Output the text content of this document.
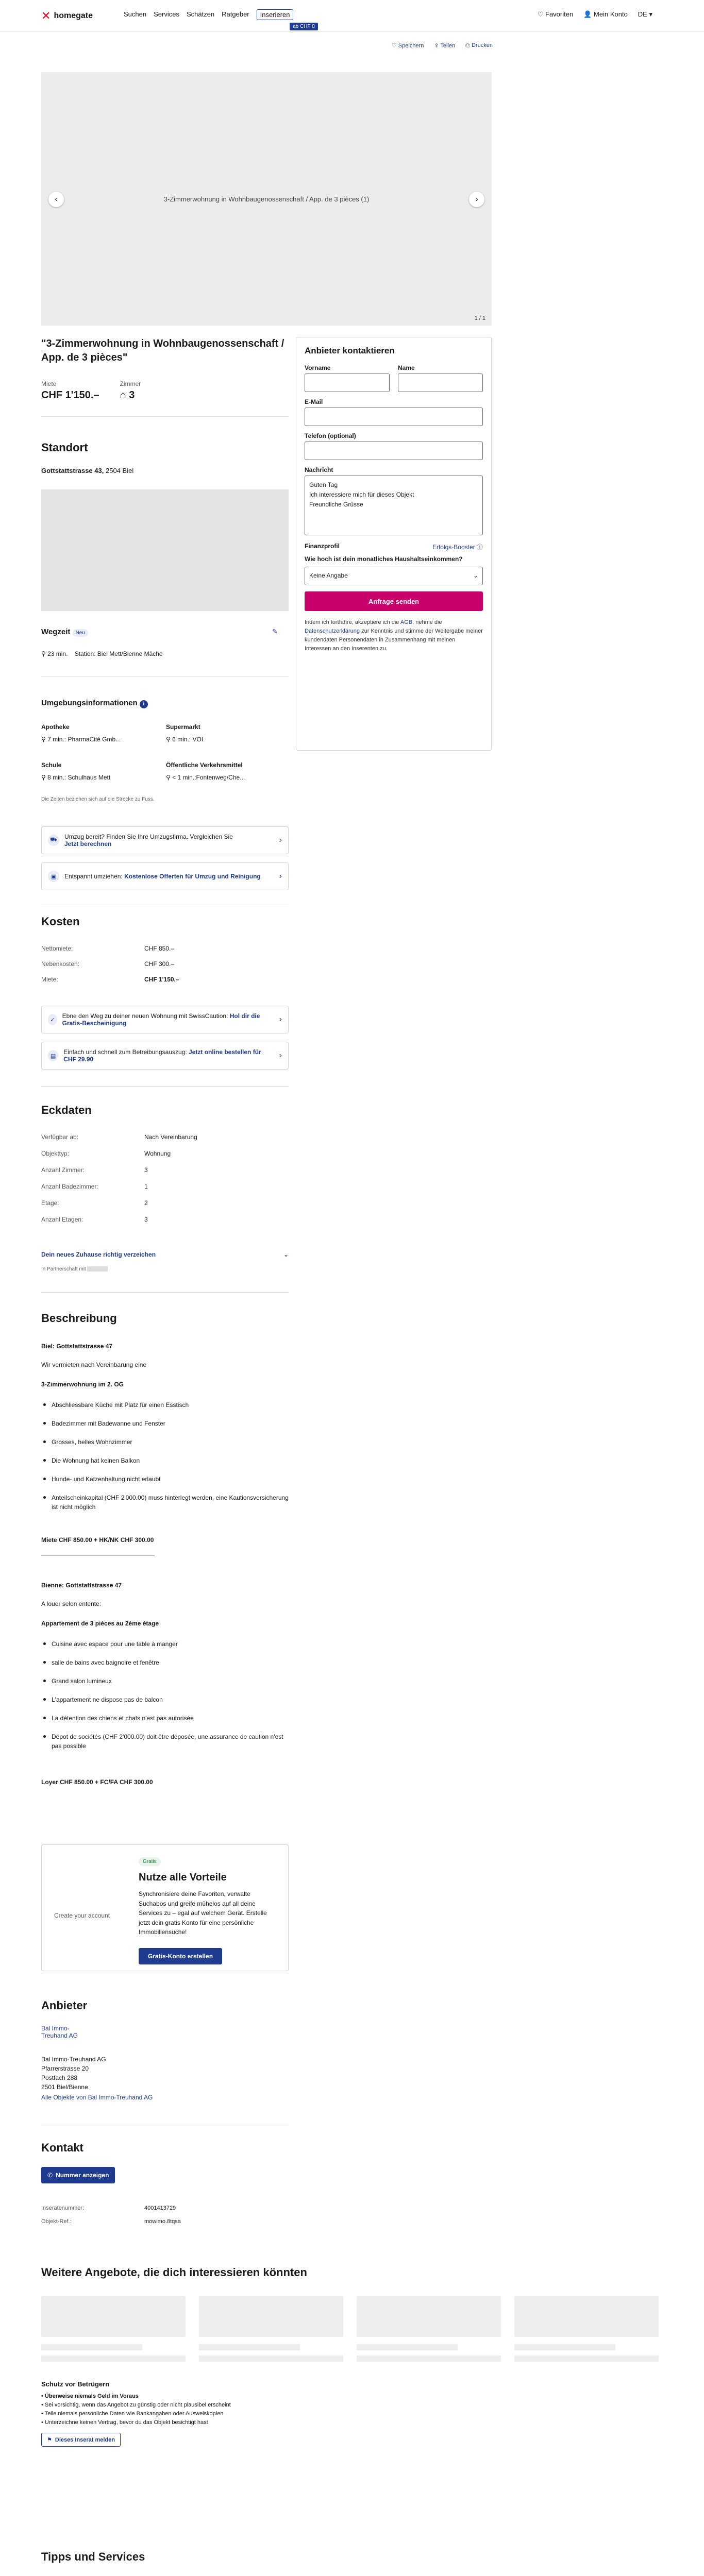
✕ homegate	Suchen Services Schätzen Ratgeber	Inserieren
ab CHF 0
♡ Favoriten 👤 Mein Konto DE ▾
♡ Speichern ⇪ Teilen ⎙ Drucken
3-Zimmerwohnung in Wohnbaugenossenschaft / App. de 3 pièces (1)
‹	›
1 / 1
"3-Zimmerwohnung in Wohnbaugenossenschaft / App. de 3 pièces"
Miete
CHF 1'150.–
Zimmer
⌂ 3
Standort
Gottstattstrasse 43, 2504 Biel
Wegzeit Neu	✎
⚲ 23 min. Station: Biel Mett/Bienne Mâche
Umgebungsinformationen i
Apotheke
⚲ 7 min.: PharmaCité Gmb...
Supermarkt
⚲ 6 min.: VOI
Schule
⚲ 8 min.: Schulhaus Mett
Öffentliche Verkehrsmittel
⚲ < 1 min.:Fontenweg/Che...
Die Zeiten beziehen sich auf die Strecke zu Fuss.
⛟	Umzug bereit? Finden Sie Ihre Umzugsfirma. Vergleichen Sie
Jetzt berechnen	›
▣	Entspannt umziehen: Kostenlose Offerten für Umzug und Reinigung ›
Kosten
Nettomiete:	CHF 850.–
Nebenkosten:	CHF 300.–
Miete:	CHF 1'150.–
✓
Ebne den Weg zu deiner neuen Wohnung mit SwissCaution: Hol dir die Gratis-Bescheinigung	›
▤
Einfach und schnell zum Betreibungsauszug: Jetzt online bestellen für CHF 29.90	›
Eckdaten
Verfügbar ab:	Nach Vereinbarung
Objekttyp:	Wohnung
Anzahl Zimmer:	3
Anzahl Badezimmer:	1
Etage:	2
Anzahl Etagen:	3
Dein neues Zuhause richtig verzeichen	⌄
In Partnerschaft mit
Beschreibung
Biel: Gottstattstrasse 47
Wir vermieten nach Vereinbarung eine
3-Zimmerwohnung im 2. OG
Abschliessbare Küche mit Platz für einen Esstisch
Badezimmer mit Badewanne und Fenster
Grosses, helles Wohnzimmer
Die Wohnung hat keinen Balkon
Hunde- und Katzenhaltung nicht erlaubt
Anteilscheinkapital (CHF 2'000.00) muss hinterlegt werden, eine Kautionsversicherung ist nicht möglich
Miete CHF 850.00 + HK/NK CHF 300.00
Bienne: Gottstattstrasse 47
A louer selon entente:
Appartement de 3 pièces au 2ème étage
Cuisine avec espace pour une table à manger
salle de bains avec baignoire et fenêtre
Grand salon lumineux
L'appartement ne dispose pas de balcon
La détention des chiens et chats n'est pas autorisée
Dépot de sociétés (CHF 2'000.00) doit être déposée, une assurance de caution n'est pas possible
Loyer CHF 850.00 + FC/FA CHF 300.00
Create your account
Gratis
Nutze alle Vorteile
Synchronisiere deine Favoriten, verwalte Suchabos und greife mühelos auf all deine Services zu – egal auf welchem Gerät. Erstelle jetzt dein gratis Konto für eine persönliche Immobiliensuche!
Gratis-Konto erstellen
Anbieter
Bal Immo-Treuhand AG
Bal Immo-Treuhand AG
Pfarrerstrasse 20
Postfach 288
2501 Biel/Bienne
Alle Objekte von Bal Immo-Treuhand AG
Kontakt
✆ Nummer anzeigen
Inseratenummer:	4001413729
Objekt-Ref.:	mowimo.8tqsa
Weitere Angebote, die dich interessieren könnten
Schutz vor Betrügern
• Überweise niemals Geld im Voraus
• Sei vorsichtig, wenn das Angebot zu günstig oder nicht plausibel erscheint
• Teile niemals persönliche Daten wie Bankangaben oder Ausweiskopien
• Unterzeichne keinen Vertrag, bevor du das Objekt besichtigt hast
⚑ Dieses Inserat melden
Tipps und Services
Anbieter kontaktieren
Vorname	Name
E-Mail
Telefon (optional)
Nachricht
Guten Tag
Ich interessiere mich für dieses Objekt
Freundliche Grüsse
Finanzprofil	Erfolgs-Booster ⓘ
Wie hoch ist dein monatliches Haushaltseinkommen?
Keine Angabe	⌄
Anfrage senden
Indem ich fortfahre, akzeptiere ich die AGB, nehme die Datenschutzerklärung zur Kenntnis und stimme der Weitergabe meiner kundendaten Personendaten in Zusammenhang mit meinen Interessen an den Inserenten zu.
